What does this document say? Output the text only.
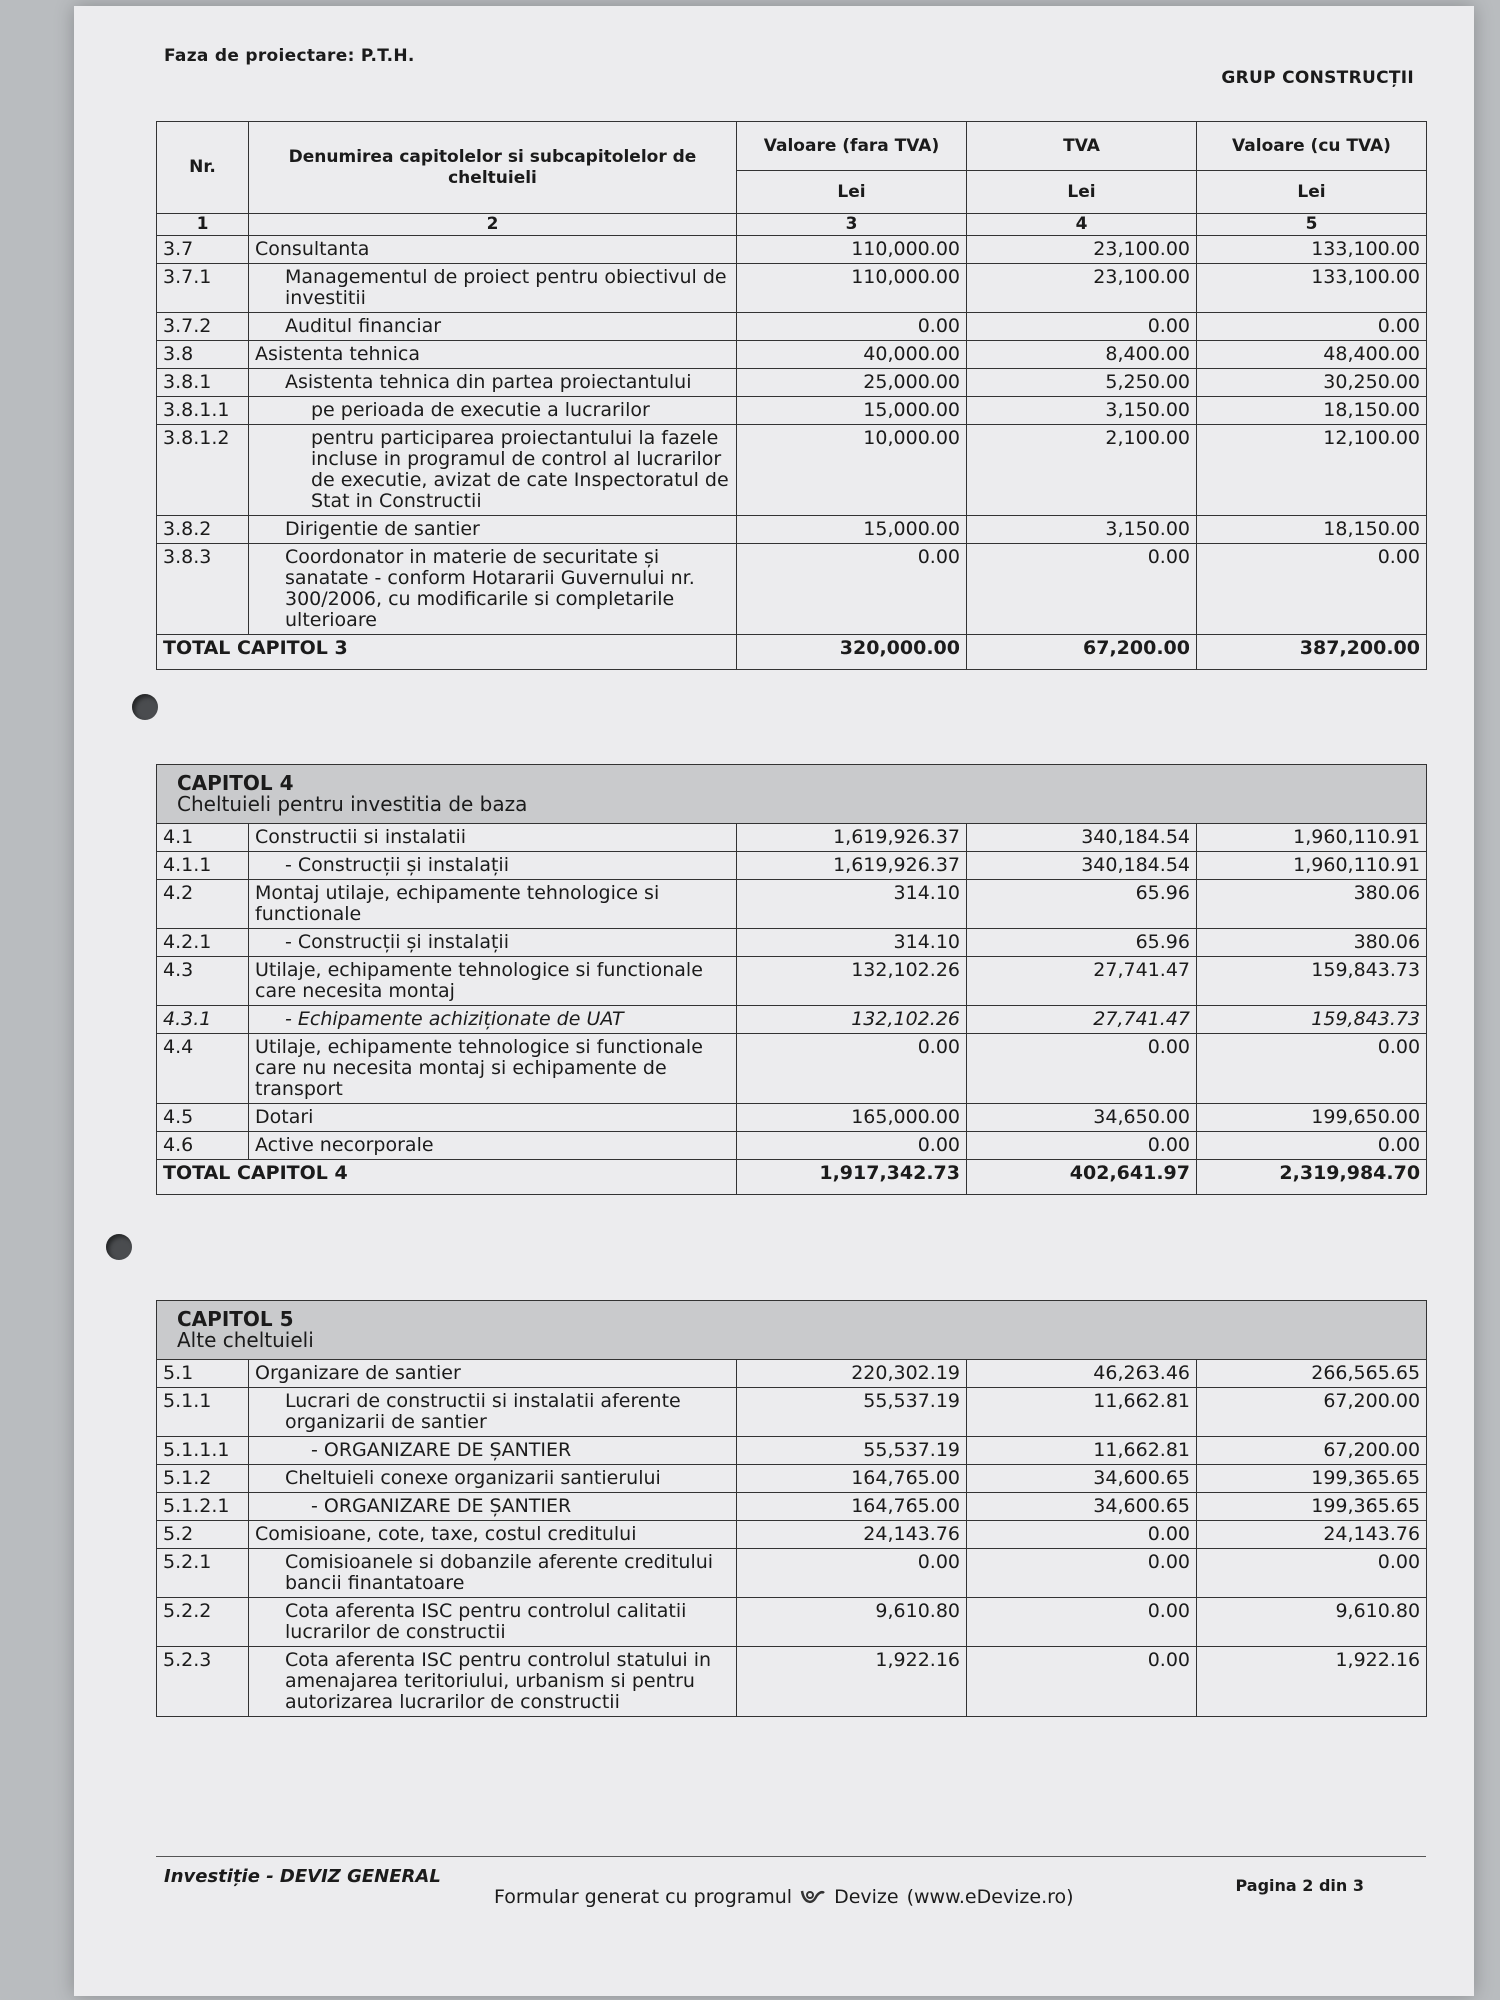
Faza de proiectare: P.T.H.
GRUP CONSTRUCȚII
Nr.	Denumirea capitolelor si subcapitolelor de cheltuieli	Valoare (fara TVA)	TVA	Valoare (cu TVA)
		Lei	Lei	Lei
1	2	3	4	5
3.7	Consultanta	110,000.00	23,100.00	133,100.00
3.7.1	Managementul de proiect pentru obiectivul de investitii	110,000.00	23,100.00	133,100.00
3.7.2	Auditul financiar	0.00	0.00	0.00
3.8	Asistenta tehnica	40,000.00	8,400.00	48,400.00
3.8.1	Asistenta tehnica din partea proiectantului	25,000.00	5,250.00	30,250.00
3.8.1.1	pe perioada de executie a lucrarilor	15,000.00	3,150.00	18,150.00
3.8.1.2	pentru participarea proiectantului la fazele incluse in programul de control al lucrarilor de executie, avizat de cate Inspectoratul de Stat in Constructii	10,000.00	2,100.00	12,100.00
3.8.2	Dirigentie de santier	15,000.00	3,150.00	18,150.00
3.8.3	Coordonator in materie de securitate și sanatate - conform Hotararii Guvernului nr. 300/2006, cu modificarile si completarile ulterioare	0.00	0.00	0.00
TOTAL CAPITOL 3		320,000.00	67,200.00	387,200.00
CAPITOL 4
Cheltuieli pentru investitia de baza				

4.1	Constructii si instalatii	1,619,926.37	340,184.54	1,960,110.91
4.1.1	- Construcții și instalații	1,619,926.37	340,184.54	1,960,110.91
4.2	Montaj utilaje, echipamente tehnologice si functionale	314.10	65.96	380.06
4.2.1	- Construcții și instalații	314.10	65.96	380.06
4.3	Utilaje, echipamente tehnologice si functionale care necesita montaj	132,102.26	27,741.47	159,843.73
4.3.1	- Echipamente achiziționate de UAT	132,102.26	27,741.47	159,843.73
4.4	Utilaje, echipamente tehnologice si functionale care nu necesita montaj si echipamente de transport	0.00	0.00	0.00
4.5	Dotari	165,000.00	34,650.00	199,650.00
4.6	Active necorporale	0.00	0.00	0.00
TOTAL CAPITOL 4		1,917,342.73	402,641.97	2,319,984.70
CAPITOL 5
Alte cheltuieli				

5.1	Organizare de santier	220,302.19	46,263.46	266,565.65
5.1.1	Lucrari de constructii si instalatii aferente organizarii de santier	55,537.19	11,662.81	67,200.00
5.1.1.1	- ORGANIZARE DE ȘANTIER	55,537.19	11,662.81	67,200.00
5.1.2	Cheltuieli conexe organizarii santierului	164,765.00	34,600.65	199,365.65
5.1.2.1	- ORGANIZARE DE ȘANTIER	164,765.00	34,600.65	199,365.65
5.2	Comisioane, cote, taxe, costul creditului	24,143.76	0.00	24,143.76
5.2.1	Comisioanele si dobanzile aferente creditului bancii finantatoare	0.00	0.00	0.00
5.2.2	Cota aferenta ISC pentru controlul calitatii lucrarilor de constructii	9,610.80	0.00	9,610.80
5.2.3	Cota aferenta ISC pentru controlul statului in amenajarea teritoriului, urbanism si pentru autorizarea lucrarilor de constructii	1,922.16	0.00	1,922.16
Investiție - DEVIZ GENERAL
Formular generat cu programul Devize (www.eDevize.ro)
Pagina 2 din 3
